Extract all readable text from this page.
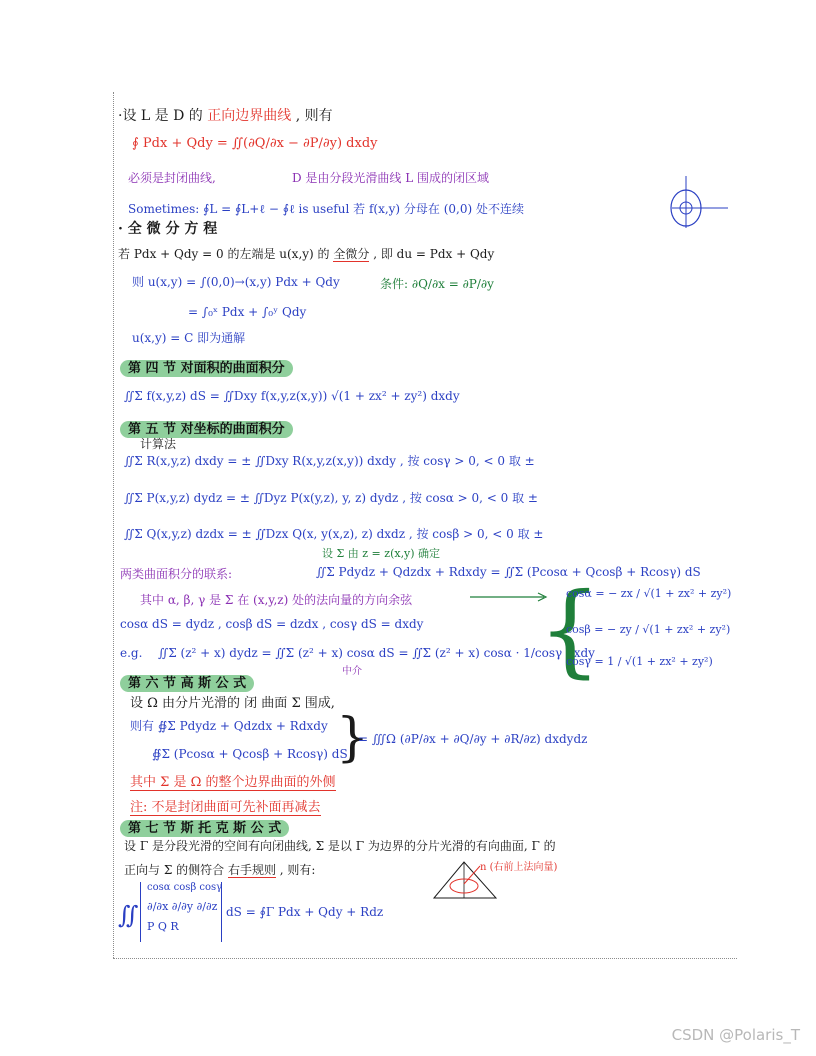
·设 L 是 D 的 正向边界曲线 , 则有
∮ Pdx + Qdy = ∬(∂Q/∂x − ∂P/∂y) dxdy
必须是封闭曲线,	D 是由分段光滑曲线 L 围成的闭区域
Sometimes: ∮L = ∮L+ℓ − ∮ℓ is useful 若 f(x,y) 分母在 (0,0) 处不连续
· 全 微 分 方 程
若 Pdx + Qdy = 0 的左端是 u(x,y) 的 全微分 , 即 du = Pdx + Qdy
则 u(x,y) = ∫(0,0)→(x,y) Pdx + Qdy	条件: ∂Q/∂x = ∂P/∂y
= ∫₀ˣ Pdx + ∫₀ʸ Qdy
u(x,y) = C 即为通解
第 四 节 对面积的曲面积分
∬Σ f(x,y,z) dS = ∬Dxy f(x,y,z(x,y)) √(1 + zx² + zy²) dxdy
第 五 节 对坐标的曲面积分
计算法
∬Σ R(x,y,z) dxdy = ± ∬Dxy R(x,y,z(x,y)) dxdy , 按 cosγ > 0, < 0 取 ±
∬Σ P(x,y,z) dydz = ± ∬Dyz P(x(y,z), y, z) dydz , 按 cosα > 0, < 0 取 ±
∬Σ Q(x,y,z) dzdx = ± ∬Dzx Q(x, y(x,z), z) dxdz , 按 cosβ > 0, < 0 取 ±
设 Σ 由 z = z(x,y) 确定
两类曲面积分的联系:	∬Σ Pdydz + Qdzdx + Rdxdy = ∬Σ (Pcosα + Qcosβ + Rcosγ) dS
其中 α, β, γ 是 Σ 在 (x,y,z) 处的法向量的方向余弦
cosα dS = dydz , cosβ dS = dzdx , cosγ dS = dxdy
e.g. ∬Σ (z² + x) dydz = ∬Σ (z² + x) cosα dS = ∬Σ (z² + x) cosα · 1/cosγ dxdy
中介 {
cosα = − zx / √(1 + zx² + zy²)
cosβ = − zy / √(1 + zx² + zy²)
cosγ = 1 / √(1 + zx² + zy²)
第 六 节 高 斯 公 式
设 Ω 由分片光滑的 闭 曲面 Σ 围成,
则有 ∯Σ Pdydz + Qdzdx + Rdxdy
∯Σ (Pcosα + Qcosβ + Rcosγ) dS
}
= ∭Ω (∂P/∂x + ∂Q/∂y + ∂R/∂z) dxdydz
其中 Σ 是 Ω 的整个边界曲面的外侧
注: 不是封闭曲面可先补面再减去
第 七 节 斯 托 克 斯 公 式
设 Γ 是分段光滑的空间有向闭曲线, Σ 是以 Γ 为边界的分片光滑的有向曲面, Γ 的
正向与 Σ 的侧符合 右手规则 , 则有:	n (右前上法向量)
∬
cosα cosβ cosγ
∂/∂x ∂/∂y ∂/∂z
P Q R
dS = ∮Γ Pdx + Qdy + Rdz
CSDN @Polaris_T
